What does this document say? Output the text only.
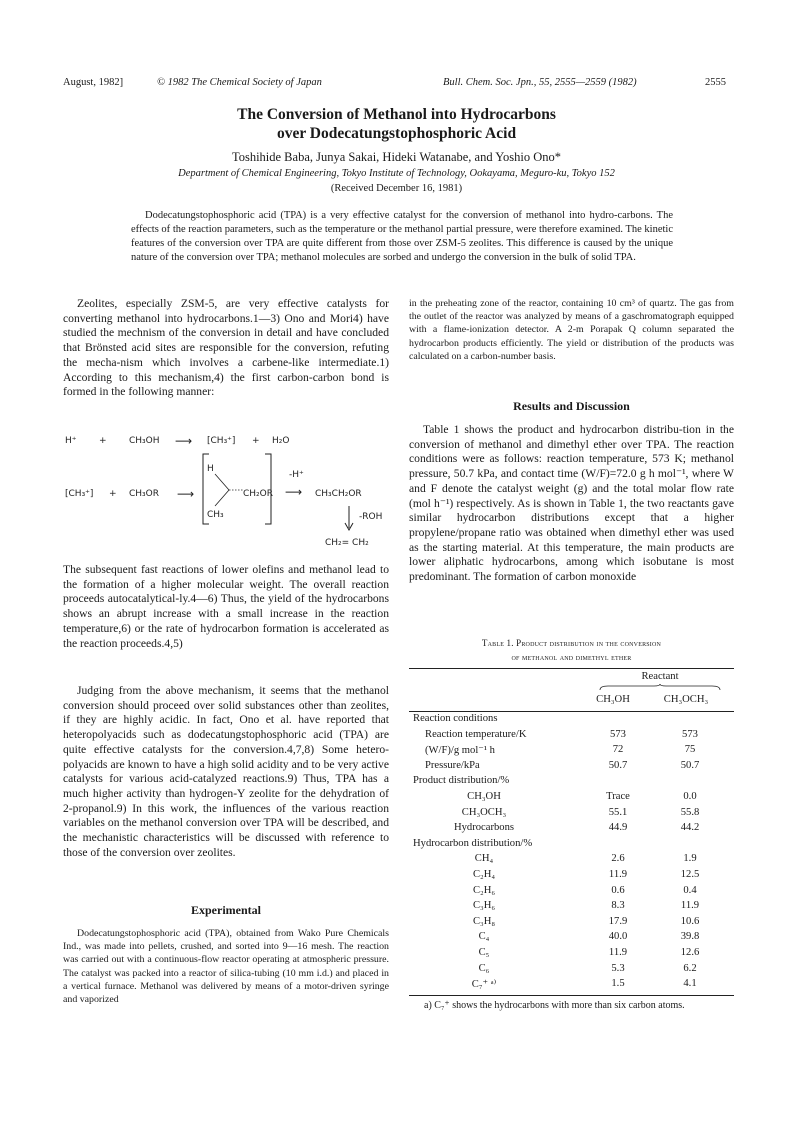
August, 1982]	© 1982 The Chemical Society of Japan	Bull. Chem. Soc. Jpn., 55, 2555—2559 (1982)	2555
The Conversion of Methanol into Hydrocarbons
over Dodecatungstophosphoric Acid
Toshihide Baba, Junya Sakai, Hideki Watanabe, and Yoshio Ono*
Department of Chemical Engineering, Tokyo Institute of Technology, Ookayama, Meguro-ku, Tokyo 152
(Received December 16, 1981)
Dodecatungstophosphoric acid (TPA) is a very effective catalyst for the conversion of methanol into hydro-carbons. The effects of the reaction parameters, such as the temperature or the methanol partial pressure, were therefore examined. The kinetic features of the conversion over TPA are quite different from those over ZSM-5 zeolites. This difference is caused by the unique nature of the conversion over TPA; methanol molecules are sorbed and undergo the conversion in the bulk of solid TPA.
Zeolites, especially ZSM-5, are very effective catalysts for converting methanol into hydrocarbons.1—3) Ono and Mori4) have studied the mechnism of the conversion in detail and have concluded that Brönsted acid sites are responsible for the conversion, refuting the mecha-nism which involves a carbene-like intermediate.1) According to this mechanism,4) the first carbon-carbon bond is formed in the following manner:
H⁺ + CH₃OH ⟶ [CH₃⁺] + H₂O
[CH₃⁺] + CH₃OR ⟶
H
CH₂OR
CH₃
-H⁺
⟶ CH₃CH₂OR
-ROH
CH₂= CH₂
The subsequent fast reactions of lower olefins and methanol lead to the formation of a higher molecular weight. The overall reaction proceeds autocatalytical-ly.4—6) Thus, the yield of the hydrocarbons shows an abrupt increase with a small increase in the reaction temperature,6) or the rate of hydrocarbon formation is accelerated as the reaction proceeds.4,5)
Judging from the above mechanism, it seems that the methanol conversion should proceed over solid substances other than zeolites, if they are highly acidic. In fact, Ono et al. have reported that heteropolyacids such as dodecatungstophosphoric acid (TPA) are quite effective catalysts for the conversion.4,7,8) Some hetero-polyacids are known to have a high solid acidity and to be very active catalysts for various acid-catalyzed reactions.9) Thus, TPA has a much higher activity than hydrogen-Y zeolite for the dehydration of 2-propanol.9) In this work, the influences of the various reaction variables on the methanol conversion over TPA will be described, and the mechanistic characteristics will be discussed with reference to those of the conversion over zeolites.
Experimental
Dodecatungstophosphoric acid (TPA), obtained from Wako Pure Chemicals Ind., was made into pellets, crushed, and sorted into 9—16 mesh. The reaction was carried out with a continuous-flow reactor operating at atmospheric pressure. The catalyst was packed into a reactor of silica-tubing (10 mm i.d.) and placed in a vertical furnace. Methanol was delivered by means of a motor-driven syringe and vaporized
in the preheating zone of the reactor, containing 10 cm³ of quartz. The gas from the outlet of the reactor was analyzed by means of a gaschromatograph equipped with a flame-ionization detector. A 2-m Porapak Q column separated the hydrocarbon products efficiently. The yield or distribution of the products was calculated on a carbon-number basis.
Results and Discussion
Table 1 shows the product and hydrocarbon distribu-tion in the conversion of methanol and dimethyl ether over TPA. The reaction conditions were as follows: reaction temperature, 573 K; methanol pressure, 50.7 kPa, and contact time (W/F)=72.0 g h mol⁻¹, where W and F denote the catalyst weight (g) and the total molar flow rate (mol h⁻¹) respectively. As is shown in Table 1, the two reactants gave similar hydrocarbon distributions except that a higher propylene/propane ratio was obtained when dimethyl ether was used as the starting material. At this temperature, the main products are lower aliphatic hydrocarbons, among which isobutane is most predominant. The formation of carbon monoxide
Table 1. Product distribution in the conversion
of methanol and dimethyl ether
Reactant
CH₃OH	CH₃OCH₃
Reaction conditions
Reaction temperature/K	573	573
(W/F)/g mol⁻¹ h	72	75
Pressure/kPa	50.7	50.7
Product distribution/%
CH₃OH	Trace	0.0
CH₃OCH₃	55.1	55.8
Hydrocarbons	44.9	44.2
Hydrocarbon distribution/%
CH₄	2.6	1.9
C₂H₄	11.9	12.5
C₂H₆	0.6	0.4
C₃H₆	8.3	11.9
C₃H₈	17.9	10.6
C₄	40.0	39.8
C₅	11.9	12.6
C₆	5.3	6.2
C₇⁺ ᵃ⁾	1.5	4.1
a) C₇⁺ shows the hydrocarbons with more than six carbon atoms.
